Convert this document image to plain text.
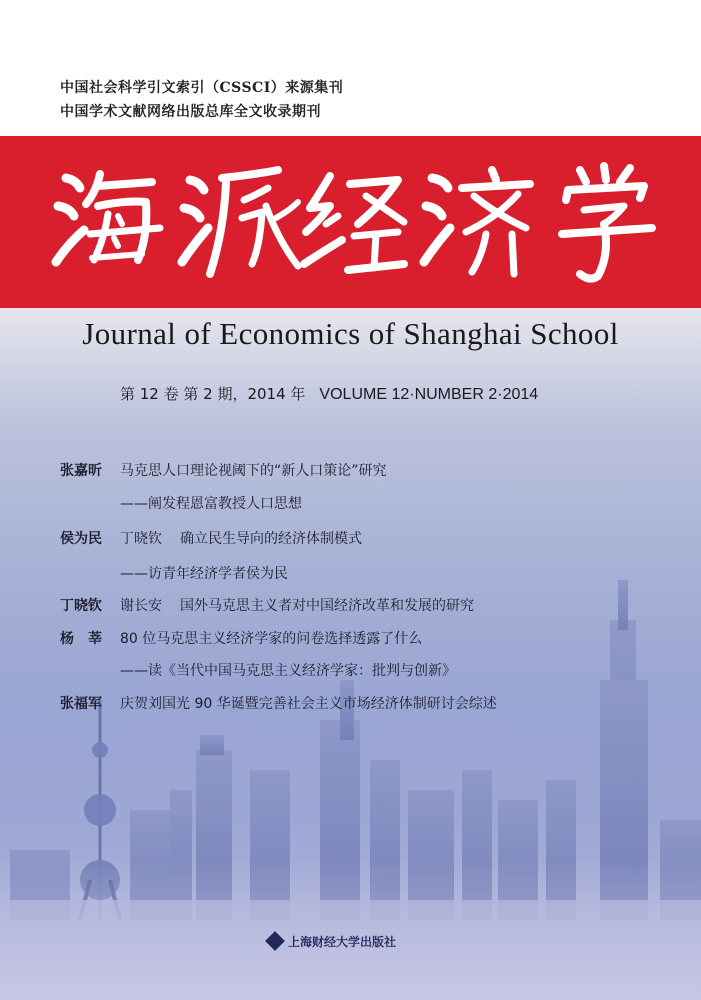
中国社会科学引文索引（CSSCI）来源集刊
中国学术文献网络出版总库全文收录期刊
Journal of Economics of Shanghai School
第 12 卷 第 2 期，2014 年 VOLUME 12·NUMBER 2·2014
张嘉昕 马克思人口理论视阈下的“新人口策论”研究
——阐发程恩富教授人口思想
侯为民 丁晓钦 确立民生导向的经济体制模式
——访青年经济学者侯为民
丁晓钦 谢长安 国外马克思主义者对中国经济改革和发展的研究
杨　莘 80 位马克思主义经济学家的问卷选择透露了什么
——读《当代中国马克思主义经济学家：批判与创新》
张福军 庆贺刘国光 90 华诞暨完善社会主义市场经济体制研讨会综述
上海财经大学出版社
